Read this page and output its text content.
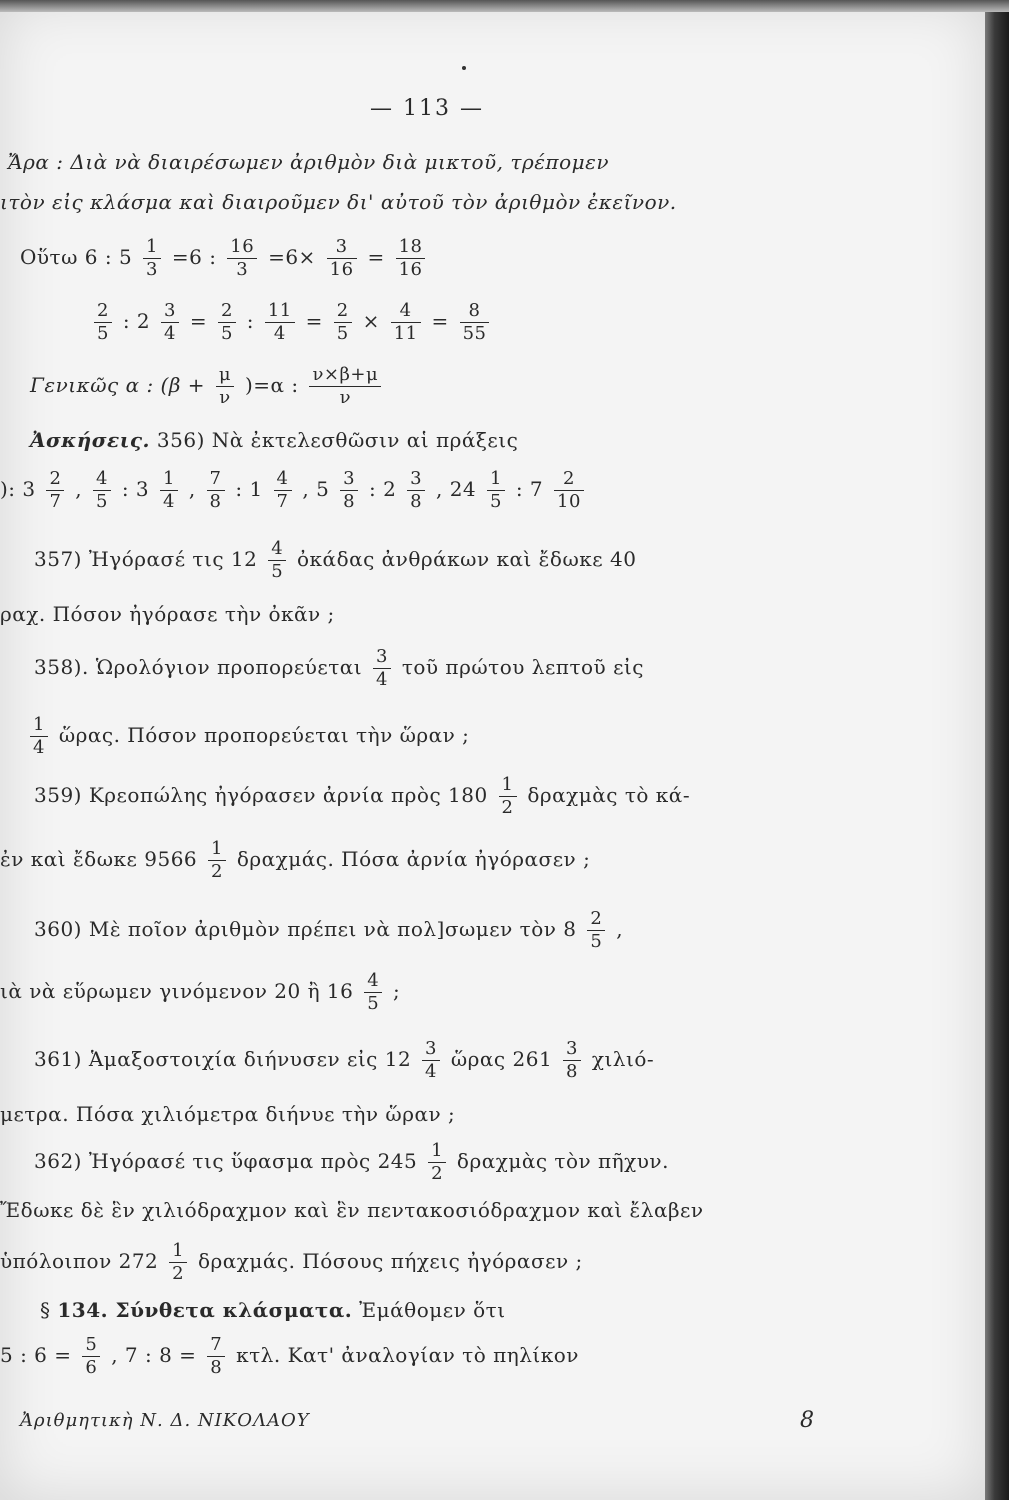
— 113 —
Ἄρα : Διὰ νὰ διαιρέσωμεν ἀριθμὸν διὰ μικτοῦ, τρέπομεν
ιτὸν εἰς κλάσμα καὶ διαιροῦμεν δι' αὐτοῦ τὸν ἀριθμὸν ἐκεῖνον.
Οὕτω 6 : $5 \frac{1}{3} =6$ : $\frac{16}{3} =6\times \frac{3}{16} = \frac{18}{16}$
$\frac{2}{5}$ : $2 \frac{3}{4} = \frac{2}{5}$ : $\frac{11}{4} = \frac{2}{5} \times \frac{4}{11} = \frac{8}{55}$
Γενικῶς α : $(\beta + \frac{\mu}{\nu} )=\alpha$ : $\frac{\nu\times\beta+\mu}{\nu}$
Ἀσκήσεις. 356) Νὰ ἐκτελεσθῶσιν αἱ πράξεις
): $3 \frac{2}{7}$ , $\frac{4}{5}$ : $3 \frac{1}{4}$ , $\frac{7}{8}$ : $1 \frac{4}{7}$ , $5 \frac{3}{8}$ : $2 \frac{3}{8}$ , $24 \frac{1}{5}$ : $7 \frac{2}{10}$
357) Ἠγόρασέ τις $12 \frac{4}{5}$ ὀκάδας ἀνθράκων καὶ ἔδωκε 40
ραχ. Πόσον ἠγόρασε τὴν ὀκᾶν ;
358). Ὡρολόγιον προπορεύεται $\frac{3}{4}$ τοῦ πρώτου λεπτοῦ εἰς
$\frac{1}{4}$ ὥρας. Πόσον προπορεύεται τὴν ὥραν ;
359) Κρεοπώλης ἠγόρασεν ἀρνία πρὸς $180 \frac{1}{2}$ δραχμὰς τὸ κά-
ἐν καὶ ἔδωκε $9566 \frac{1}{2} \delta\rho\alpha\chi\mu ά\varsigma$. Πόσα ἀρνία ἠγόρασεν ;
360) Μὲ ποῖον ἀριθμὸν πρέπει νὰ πολ]σωμεν τὸν $8 \frac{2}{5}$ ,
ιὰ νὰ εὕρωμεν γινόμενον 20 ἢ $16 \frac{4}{5}$ ;
361) Ἁμαξοστοιχία διήνυσεν εἰς $12 \frac{3}{4}$ ὥρας $261 \frac{3}{8} \chi\iota\lambda\iota ό-$
μετρα. Πόσα χιλιόμετρα διήνυε τὴν ὥραν ;
362) Ἠγόρασέ τις ὕφασμα πρὸς $245 \frac{1}{2}$ δραχμὰς τὸν πῆχυν.
Ἔδωκε δὲ ἓν χιλιόδραχμον καὶ ἓν πεντακοσιόδραχμον καὶ ἔλαβεν
ὑπόλοιπον $272 \frac{1}{2} \delta\rho\alpha\chi\mu ά\varsigma$. Πόσους πήχεις ἠγόρασεν ;
§ 134. Σύνθετα κλάσματα. Ἐμάθομεν ὅτι
5 : $6 = \frac{5}{6}$ , 7 : $8 = \frac{7}{8} \kappa\tau\lambda$. Κατ' ἀναλογίαν τὸ πηλίκον
Ἀριθμητικὴ Ν. Δ. ΝΙΚΟΛΑΟΥ	8
